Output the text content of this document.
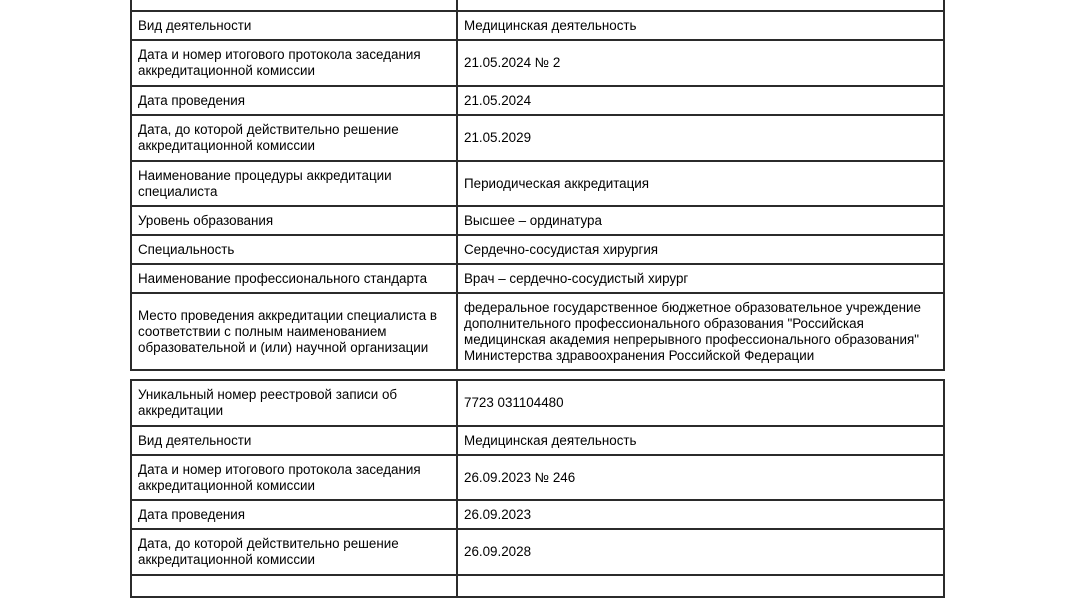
Вид деятельности	Медицинская деятельность
Дата и номер итогового протокола заседания аккредитационной комиссии	21.05.2024 № 2
Дата проведения	21.05.2024
Дата, до которой действительно решение аккредитационной комиссии	21.05.2029
Наименование процедуры аккредитации специалиста	Периодическая аккредитация
Уровень образования	Высшее – ординатура
Специальность	Сердечно-сосудистая хирургия
Наименование профессионального стандарта	Врач – сердечно-сосудистый хирург
Место проведения аккредитации специалиста в соответствии с полным наименованием образовательной и (или) научной организации	федеральное государственное бюджетное образовательное учреждение дополнительного профессионального образования "Российская медицинская академия непрерывного профессионального образования" Министерства здравоохранения Российской Федерации
Уникальный номер реестровой записи об аккредитации	7723 031104480
Вид деятельности	Медицинская деятельность
Дата и номер итогового протокола заседания аккредитационной комиссии	26.09.2023 № 246
Дата проведения	26.09.2023
Дата, до которой действительно решение аккредитационной комиссии	26.09.2028
